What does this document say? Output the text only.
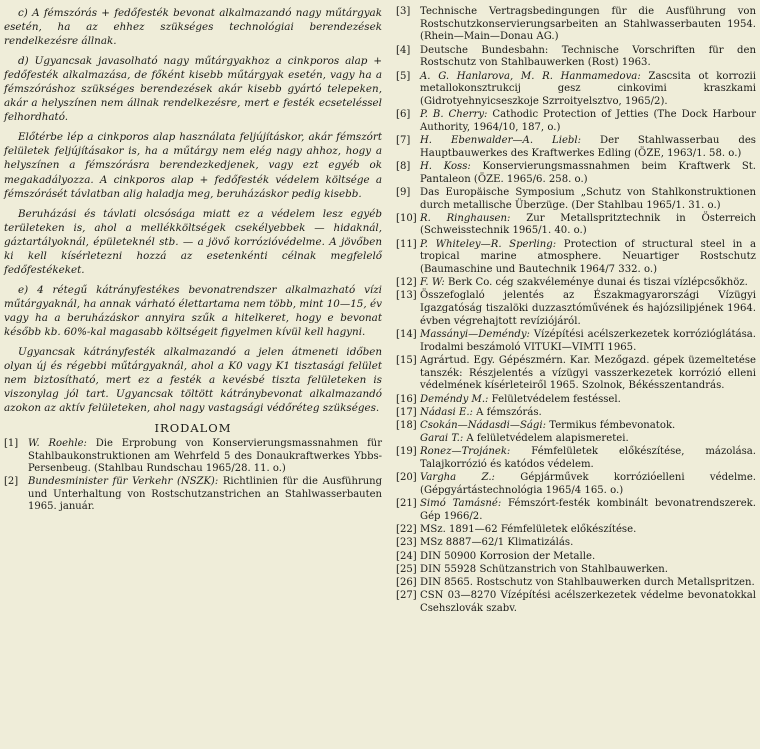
c) A fémszórás + fedőfesték bevonat alkalmazandó nagy műtárgyak esetén, ha az ehhez szükséges technológiai berendezések rendelkezésre állnak.

d) Ugyancsak javasolható nagy műtárgyakhoz a cinkporos alap + fedőfesték alkalmazása, de főként kisebb műtárgyak esetén, vagy ha a fémszóráshoz szükséges berendezések akár kisebb gyártó telepeken, akár a helyszínen nem állnak rendelkezésre, mert e festék ecseteléssel felhordható.

Előtérbe lép a cinkporos alap használata feljújításkor, akár fémszórt felületek feljújításakor is, ha a műtárgy nem elég nagy ahhoz, hogy a helyszínen a fémszórásra berendezkedjenek, vagy ezt egyéb ok megakadályozza. A cinkporos alap + fedőfesték védelem költsége a fémszórásét távlatban alig haladja meg, beruházáskor pedig kisebb.

Beruházási és távlati olcsósága miatt ez a védelem lesz egyéb területeken is, ahol a mellékköltségek csekélyebbek — hidaknál, gáztartályoknál, épületeknél stb. — a jövő korrózióvédelme. A jövőben ki kell kísérletezni hozzá az esetenkénti célnak megfelelő fedőfestékeket.

e) 4 rétegű kátrányfestékes bevonatrendszer alkalmazható vízi műtárgyaknál, ha annak várható élettartama nem több, mint 10—15, év vagy ha a beruházáskor annyira szűk a hitelkeret, hogy e bevonat később kb. 60%-kal magasabb költségeit figyelmen kívül kell hagyni.

Ugyancsak kátrányfesték alkalmazandó a jelen átmeneti időben olyan új és régebbi műtárgyaknál, ahol a K0 vagy K1 tisztasági felület nem biztosítható, mert ez a festék a kevésbé tiszta felületeken is viszonylag jól tart. Ugyancsak töltött kátránybevonat alkalmazandó azokon az aktív felületeken, ahol nagy vastagsági védőréteg szükséges.

IRODALOM
[1] W. Roehle: Die Erprobung von Konservierungsmassnahmen für Stahlbaukonstruktionen am Wehrfeld 5 des Donaukraftwerkes Ybbs-Persenbeug. (Stahlbau Rundschau 1965/28. 11. o.)
[2] Bundesminister für Verkehr (NSZK): Richtlinien für die Ausführung und Unterhaltung von Rostschutzanstrichen an Stahlwasserbauten 1965. január.
[3] Technische Vertragsbedingungen für die Ausführung von Rostschutzkonservierungsarbeiten an Stahlwasserbauten 1954. (Rhein—Main—Donau AG.)
[4] Deutsche Bundesbahn: Technische Vorschriften für den Rostschutz von Stahlbauwerken (Rost) 1963.
[5] A. G. Hanlarova, M. R. Hanmamedova: Zascsita ot korrozii metallokonsztrukcij gesz cinkovimi kraszkami (Gidrotyehnyicseszkoje Szrroityelsztvo, 1965/2).
[6] P. B. Cherry: Cathodic Protection of Jetties (The Dock Harbour Authority, 1964/10, 187, o.)
[7] H. Ebenwalder—A. Liebl: Der Stahlwasserbau des Hauptbauwerkes des Kraftwerkes Edling (ÖZE, 1963/1. 58. o.)
[8] H. Koss: Konservierungsmassnahmen beim Kraftwerk St. Pantaleon (ÖZE. 1965/6. 258. o.)
[9] Das Europäische Symposium „Schutz von Stahlkonstruktionen durch metallische Überzüge. (Der Stahlbau 1965/1. 31. o.)
[10] R. Ringhausen: Zur Metallspritztechnik in Österreich (Schweisstechnik 1965/1. 40. o.)
[11] P. Whiteley—R. Sperling: Protection of structural steel in a tropical marine atmosphere. Neuartiger Rostschutz (Baumaschine und Bautechnik 1964/7 332. o.)
[12] F. W: Berk Co. cég szakvéleménye dunai és tiszai vízlépcsőkhöz.
[13] Összefoglaló jelentés az Északmagyarországi Vízügyi Igazgatóság tiszalöki duzzasztóművének és hajózsilipjének 1964. évben végrehajtott revíziójáról.
[14] Massányi—Deméndy: Vízépítési acélszerkezetek korrózióglátása. Irodalmi beszámoló VITUKI—VIMTI 1965.
[15] Agrártud. Egy. Gépészmérn. Kar. Mezőgazd. gépek üzemeltetése tanszék: Részjelentés a vízügyi vasszerkezetek korrózió elleni védelmének kísérleteiről 1965. Szolnok, Békésszentandrás.
[16] Deméndy M.: Felületvédelem festéssel.
[17] Nádasi E.: A fémszórás.
[18] Csokán—Nádasdi—Sági: Termikus fémbevonatok.
Garai T.: A felületvédelem alapismeretei.
[19] Ronez—Trojánek: Fémfelületek előkészítése, mázolása. Talajkorrózió és katódos védelem.
[20] Vargha Z.: Gépjárművek korrózióelleni védelme. (Gépgyártástechnológia 1965/4 165. o.)
[21] Simó Tamásné: Fémszórt-festék kombinált bevonatrendszerek. Gép 1966/2.
[22] MSz. 1891—62 Fémfelületek előkészítése.
[23] MSz 8887—62/1 Klimatizálás.
[24] DIN 50900 Korrosion der Metalle.
[25] DIN 55928 Schützanstrich von Stahlbauwerken.
[26] DIN 8565. Rostschutz von Stahlbauwerken durch Metallspritzen.
[27] CSN 03—8270 Vízépítési acélszerkezetek védelme bevonatokkal Csehszlovák szabv.
